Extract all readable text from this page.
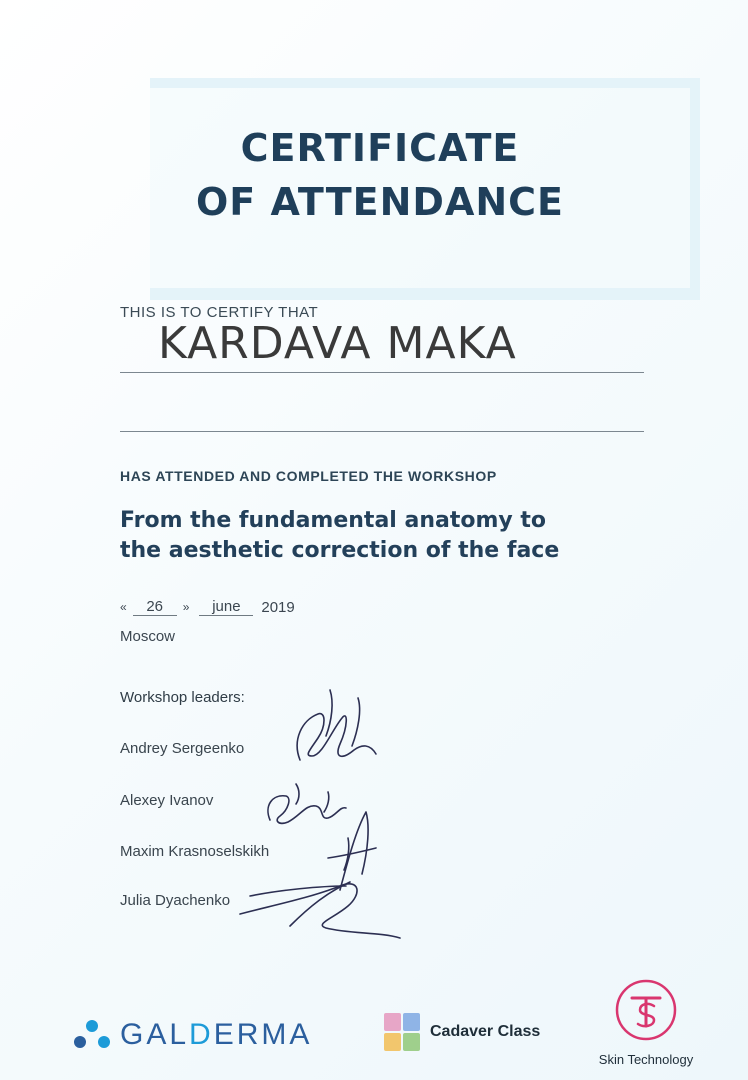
CERTIFICATE
OF ATTENDANCE
THIS IS TO CERTIFY THAT
KARDAVA MAKA
HAS ATTENDED AND COMPLETED THE WORKSHOP
From the fundamental anatomy to
the aesthetic correction of the face
«	26	»	june	2019
Moscow
Workshop leaders:
Andrey Sergeenko
Alexey Ivanov
Maxim Krasnoselskikh
Julia Dyachenko
GALDERMA	Cadaver Class
Skin Technology
